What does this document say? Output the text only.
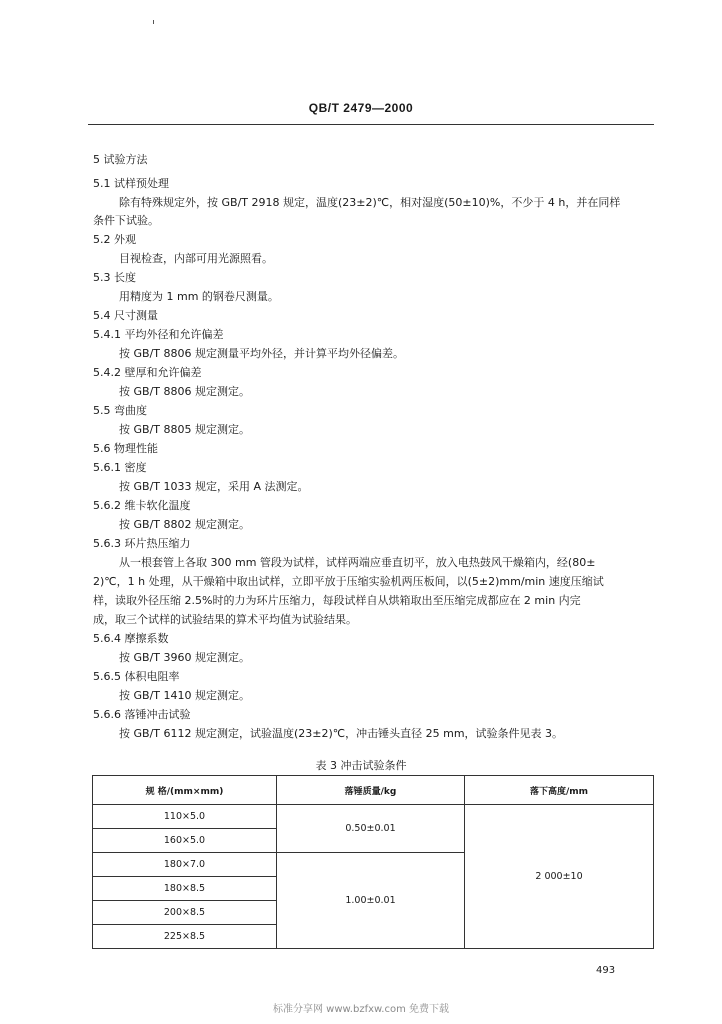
QB/T 2479—2000
5 试验方法
5.1 试样预处理
除有特殊规定外，按 GB/T 2918 规定，温度(23±2)℃，相对湿度(50±10)%，不少于 4 h，并在同样
条件下试验。
5.2 外观
目视检查，内部可用光源照看。
5.3 长度
用精度为 1 mm 的钢卷尺测量。
5.4 尺寸测量
5.4.1 平均外径和允许偏差
按 GB/T 8806 规定测量平均外径，并计算平均外径偏差。
5.4.2 壁厚和允许偏差
按 GB/T 8806 规定测定。
5.5 弯曲度
按 GB/T 8805 规定测定。
5.6 物理性能
5.6.1 密度
按 GB/T 1033 规定，采用 A 法测定。
5.6.2 维卡软化温度
按 GB/T 8802 规定测定。
5.6.3 环片热压缩力
从一根套管上各取 300 mm 管段为试样，试样两端应垂直切平，放入电热鼓风干燥箱内，经(80±
2)℃，1 h 处理，从干燥箱中取出试样，立即平放于压缩实验机两压板间，以(5±2)mm/min 速度压缩试
样，读取外径压缩 2.5%时的力为环片压缩力，每段试样自从烘箱取出至压缩完成都应在 2 min 内完
成，取三个试样的试验结果的算术平均值为试验结果。
5.6.4 摩擦系数
按 GB/T 3960 规定测定。
5.6.5 体积电阻率
按 GB/T 1410 规定测定。
5.6.6 落锤冲击试验
按 GB/T 6112 规定测定，试验温度(23±2)℃，冲击锤头直径 25 mm，试验条件见表 3。
表 3 冲击试验条件
规 格/(mm×mm)	落锤质量/kg	落下高度/mm
110×5.0	0.50±0.01	2 000±10
160×5.0		
180×7.0	1.00±0.01	
180×8.5		
200×8.5		
225×8.5		
493
标准分享网 www.bzfxw.com 免费下载
